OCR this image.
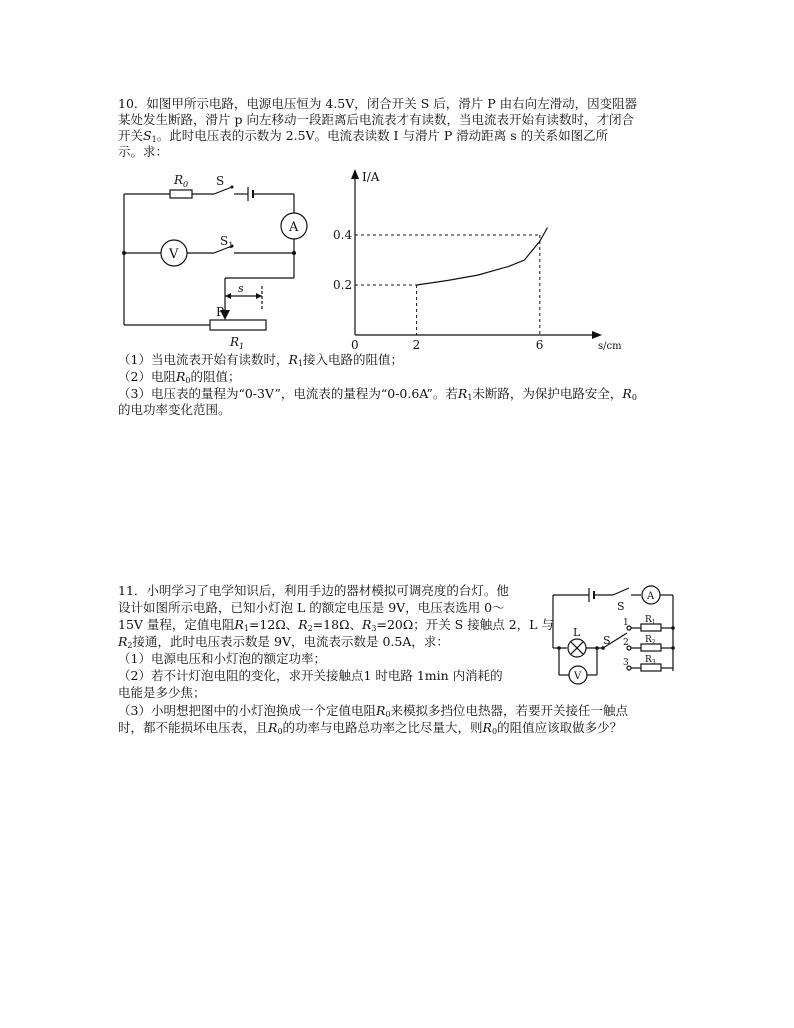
10．如图甲所示电路，电源电压恒为 4.5V，闭合开关 S 后，滑片 P 由右向左滑动，因变阻器
某处发生断路，滑片 p 向左移动一段距离后电流表才有读数，当电流表开始有读数时，才闭合
开关$S_1$。此时电压表的示数为 2.5V。电流表读数 I 与滑片 P 滑动距离 s 的关系如图乙所
示。求：
$R_0$ S
A
V
$S_1$
P
s
$R_1$
I/A
s/cm
0	2	6
0.2
0.4
（1）当电流表开始有读数时，$R_1$接入电路的阻值；
（2）电阻$R_0$的阻值；
（3）电压表的量程为“0-3V”，电流表的量程为“0-0.6A”。若$R_1$未断路，为保护电路安全，$R_0$
的电功率变化范围。
11．小明学习了电学知识后，利用手边的器材模拟可调亮度的台灯。他
设计如图所示电路，已知小灯泡 L 的额定电压是 9V，电压表选用 0～
15V 量程，定值电阻$R_1=12\Omega$、$R_2=18\Omega$、$R_3=20\Omega$；开关 S 接触点 2，L 与
$R_2$接通，此时电压表示数是 9V，电流表示数是 0.5A，求：
（1）电源电压和小灯泡的额定功率；
（2）若不计灯泡电阻的变化，求开关接触点1 时电路 1min 内消耗的
电能是多少焦；
（3）小明想把图中的小灯泡换成一个定值电阻$R_0$来模拟多挡位电热器，若要开关接任一触点
时，都不能损坏电压表，且$R_0$的功率与电路总功率之比尽量大，则$R_0$的阻值应该取做多少？
S
A
S
L
V
1
2
3
$R_1$
$R_2$
$R_3$
